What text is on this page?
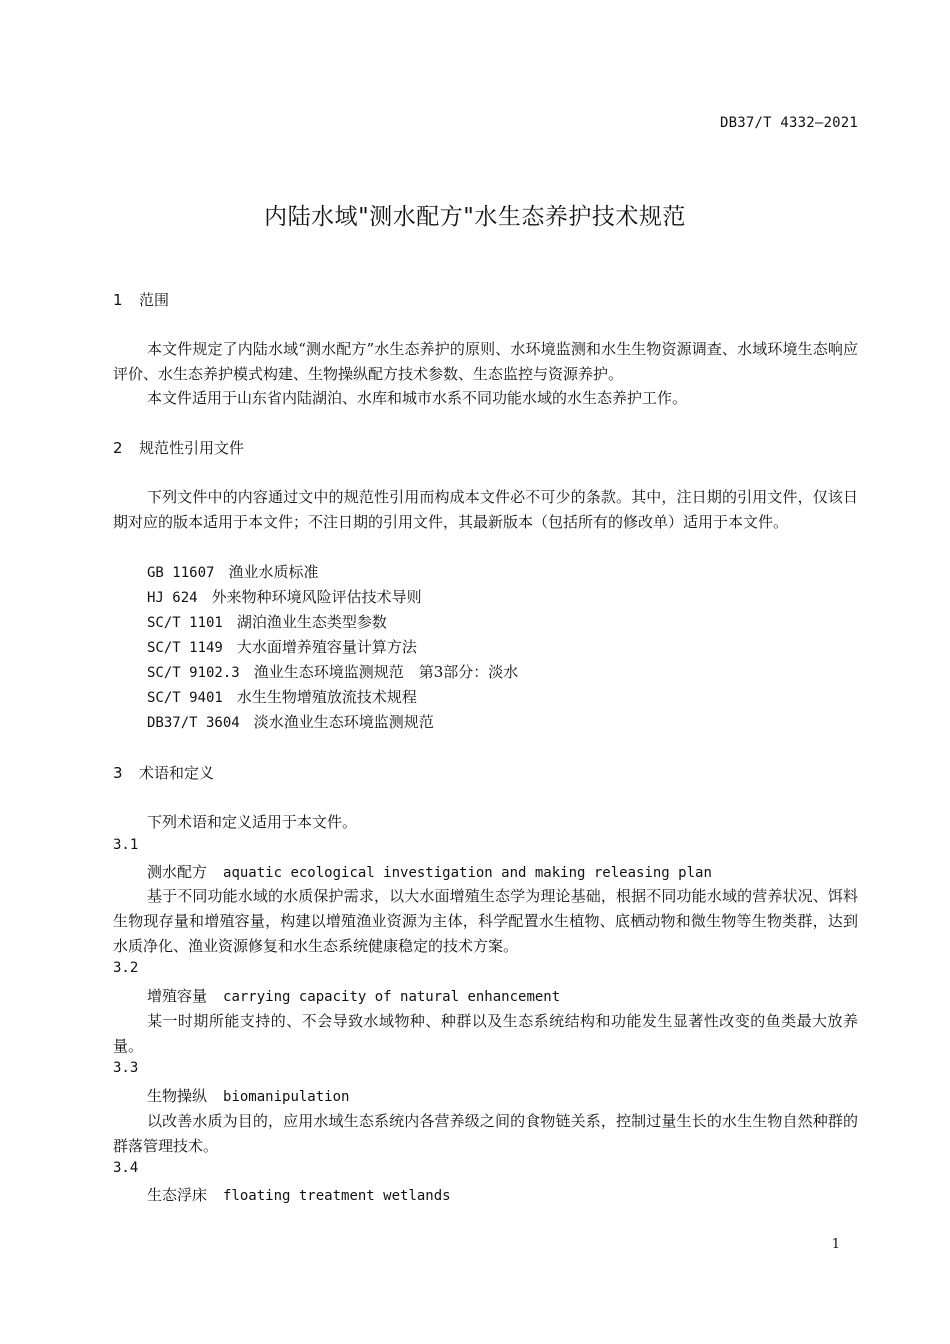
DB37/T 4332—2021
内陆水域"测水配方"水生态养护技术规范
1 范围
本文件规定了内陆水域“测水配方”水生态养护的原则、水环境监测和水生生物资源调查、水域环境生态响应评价、水生态养护模式构建、生物操纵配方技术参数、生态监控与资源养护。
本文件适用于山东省内陆湖泊、水库和城市水系不同功能水域的水生态养护工作。
2 规范性引用文件
下列文件中的内容通过文中的规范性引用而构成本文件必不可少的条款。其中，注日期的引用文件，仅该日期对应的版本适用于本文件；不注日期的引用文件，其最新版本（包括所有的修改单）适用于本文件。
GB 11607 渔业水质标准
HJ 624 外来物种环境风险评估技术导则
SC/T 1101 湖泊渔业生态类型参数
SC/T 1149 大水面增养殖容量计算方法
SC/T 9102.3 渔业生态环境监测规范　第3部分：淡水
SC/T 9401 水生生物增殖放流技术规程
DB37/T 3604 淡水渔业生态环境监测规范
3 术语和定义
下列术语和定义适用于本文件。
3.1
测水配方 aquatic ecological investigation and making releasing plan
基于不同功能水域的水质保护需求，以大水面增殖生态学为理论基础，根据不同功能水域的营养状况、饵料生物现存量和增殖容量，构建以增殖渔业资源为主体，科学配置水生植物、底栖动物和微生物等生物类群，达到水质净化、渔业资源修复和水生态系统健康稳定的技术方案。
3.2
增殖容量 carrying capacity of natural enhancement
某一时期所能支持的、不会导致水域物种、种群以及生态系统结构和功能发生显著性改变的鱼类最大放养量。
3.3
生物操纵 biomanipulation
以改善水质为目的，应用水域生态系统内各营养级之间的食物链关系，控制过量生长的水生生物自然种群的群落管理技术。
3.4
生态浮床 floating treatment wetlands
1
